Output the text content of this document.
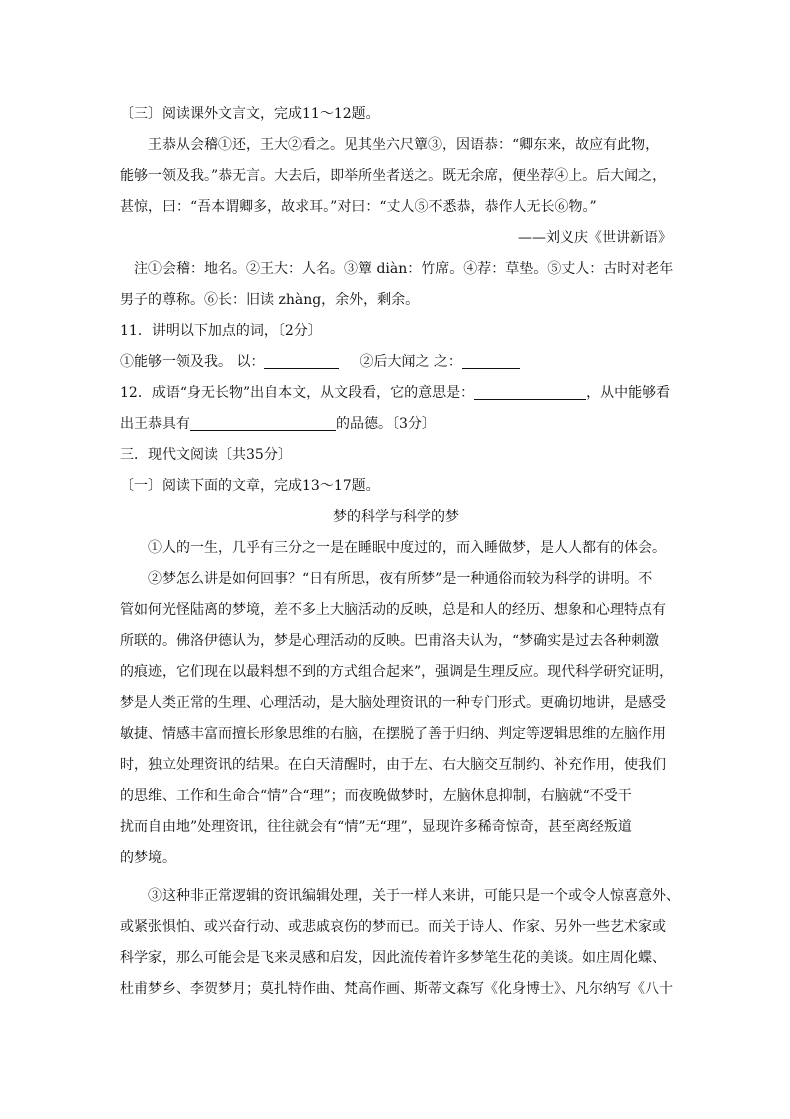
〔三〕阅读课外文言文，完成11～12题。
王恭从会稽①还，王大②看之。见其坐六尺簟③，因语恭：“卿东来，故应有此物，
能够一领及我。”恭无言。大去后，即举所坐者送之。既无余席，便坐荐④上。后大闻之，
甚惊，曰：“吾本谓卿多，故求耳。”对曰：“丈人⑤不悉恭，恭作人无长⑥物。”
——刘义庆《世讲新语》
注①会稽：地名。②王大：人名。③簟 diàn：竹席。④荐：草垫。⑤丈人：古时对老年
男子的尊称。⑥长：旧读 zhàng，余外，剩余。
11．讲明以下加点的词，〔2分〕
①能够一领及我。 以：	②后大闻之 之：
12．成语“身无长物”出自本文，从文段看，它的意思是：	，从中能够看
出王恭具有	的品德。〔3分〕
三．现代文阅读〔共35分〕
〔一〕阅读下面的文章，完成13～17题。
梦的科学与科学的梦
①人的一生，几乎有三分之一是在睡眠中度过的，而入睡做梦，是人人都有的体会。
②梦怎么讲是如何回事？“日有所思，夜有所梦”是一种通俗而较为科学的讲明。不
管如何光怪陆离的梦境，差不多上大脑活动的反映，总是和人的经历、想象和心理特点有
所联的。佛洛伊德认为，梦是心理活动的反映。巴甫洛夫认为，“梦确实是过去各种刺激
的痕迹，它们现在以最料想不到的方式组合起来”，强调是生理反应。现代科学研究证明，
梦是人类正常的生理、心理活动，是大脑处理资讯的一种专门形式。更确切地讲，是感受
敏捷、情感丰富而擅长形象思维的右脑，在摆脱了善于归纳、判定等逻辑思维的左脑作用
时，独立处理资讯的结果。在白天清醒时，由于左、右大脑交互制约、补充作用，使我们
的思维、工作和生命合“情”合“理”；而夜晚做梦时，左脑休息抑制，右脑就“不受干
扰而自由地”处理资讯，往往就会有“情”无“理”，显现许多稀奇惊奇，甚至离经叛道
的梦境。
③这种非正常逻辑的资讯编辑处理，关于一样人来讲，可能只是一个或令人惊喜意外、
或紧张惧怕、或兴奋行动、或悲戚哀伤的梦而已。而关于诗人、作家、另外一些艺术家或
科学家，那么可能会是飞来灵感和启发，因此流传着许多梦笔生花的美谈。如庄周化蝶、
杜甫梦乡、李贺梦月；莫扎特作曲、梵高作画、斯蒂文森写《化身博士》、凡尔纳写《八十
